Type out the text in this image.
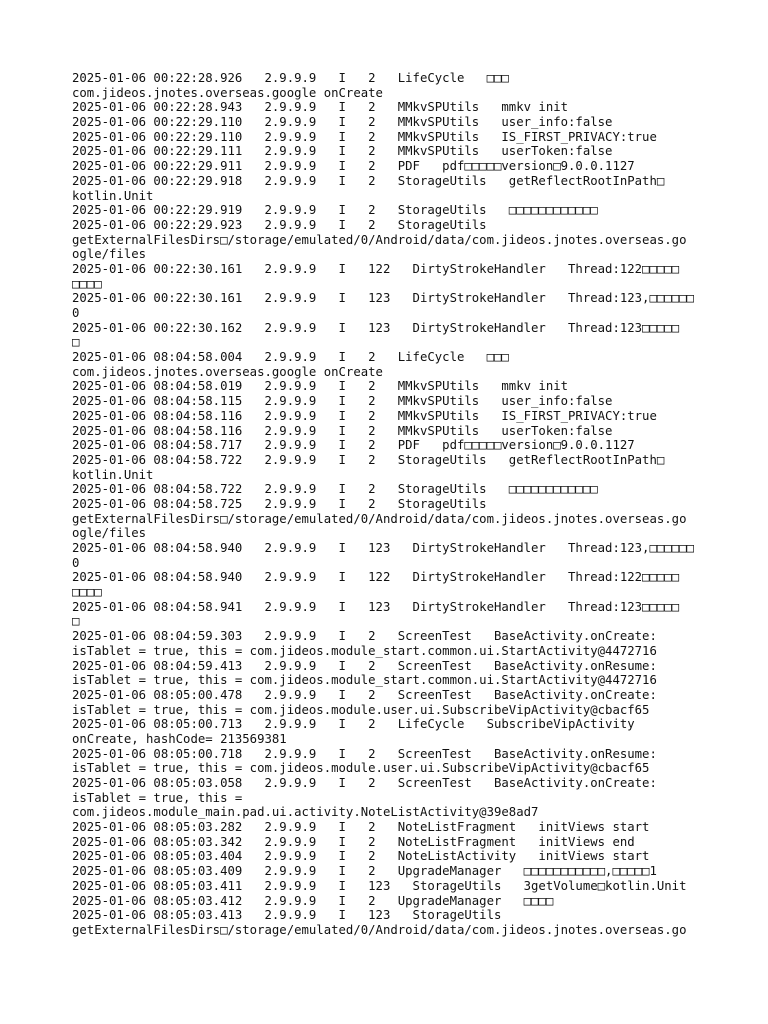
2025-01-06 00:22:28.926   2.9.9.9   I   2   LifeCycle   □□□
com.jideos.jnotes.overseas.google onCreate
2025-01-06 00:22:28.943   2.9.9.9   I   2   MMkvSPUtils   mmkv init
2025-01-06 00:22:29.110   2.9.9.9   I   2   MMkvSPUtils   user_info:false
2025-01-06 00:22:29.110   2.9.9.9   I   2   MMkvSPUtils   IS_FIRST_PRIVACY:true
2025-01-06 00:22:29.111   2.9.9.9   I   2   MMkvSPUtils   userToken:false
2025-01-06 00:22:29.911   2.9.9.9   I   2   PDF   pdf□□□□□version□9.0.0.1127
2025-01-06 00:22:29.918   2.9.9.9   I   2   StorageUtils   getReflectRootInPath□
kotlin.Unit
2025-01-06 00:22:29.919   2.9.9.9   I   2   StorageUtils   □□□□□□□□□□□□
2025-01-06 00:22:29.923   2.9.9.9   I   2   StorageUtils
getExternalFilesDirs□/storage/emulated/0/Android/data/com.jideos.jnotes.overseas.go
ogle/files
2025-01-06 00:22:30.161   2.9.9.9   I   122   DirtyStrokeHandler   Thread:122□□□□□
□□□□
2025-01-06 00:22:30.161   2.9.9.9   I   123   DirtyStrokeHandler   Thread:123,□□□□□□
0
2025-01-06 00:22:30.162   2.9.9.9   I   123   DirtyStrokeHandler   Thread:123□□□□□
□
2025-01-06 08:04:58.004   2.9.9.9   I   2   LifeCycle   □□□
com.jideos.jnotes.overseas.google onCreate
2025-01-06 08:04:58.019   2.9.9.9   I   2   MMkvSPUtils   mmkv init
2025-01-06 08:04:58.115   2.9.9.9   I   2   MMkvSPUtils   user_info:false
2025-01-06 08:04:58.116   2.9.9.9   I   2   MMkvSPUtils   IS_FIRST_PRIVACY:true
2025-01-06 08:04:58.116   2.9.9.9   I   2   MMkvSPUtils   userToken:false
2025-01-06 08:04:58.717   2.9.9.9   I   2   PDF   pdf□□□□□version□9.0.0.1127
2025-01-06 08:04:58.722   2.9.9.9   I   2   StorageUtils   getReflectRootInPath□
kotlin.Unit
2025-01-06 08:04:58.722   2.9.9.9   I   2   StorageUtils   □□□□□□□□□□□□
2025-01-06 08:04:58.725   2.9.9.9   I   2   StorageUtils
getExternalFilesDirs□/storage/emulated/0/Android/data/com.jideos.jnotes.overseas.go
ogle/files
2025-01-06 08:04:58.940   2.9.9.9   I   123   DirtyStrokeHandler   Thread:123,□□□□□□
0
2025-01-06 08:04:58.940   2.9.9.9   I   122   DirtyStrokeHandler   Thread:122□□□□□
□□□□
2025-01-06 08:04:58.941   2.9.9.9   I   123   DirtyStrokeHandler   Thread:123□□□□□
□
2025-01-06 08:04:59.303   2.9.9.9   I   2   ScreenTest   BaseActivity.onCreate:
isTablet = true, this = com.jideos.module_start.common.ui.StartActivity@4472716
2025-01-06 08:04:59.413   2.9.9.9   I   2   ScreenTest   BaseActivity.onResume:
isTablet = true, this = com.jideos.module_start.common.ui.StartActivity@4472716
2025-01-06 08:05:00.478   2.9.9.9   I   2   ScreenTest   BaseActivity.onCreate:
isTablet = true, this = com.jideos.module.user.ui.SubscribeVipActivity@cbacf65
2025-01-06 08:05:00.713   2.9.9.9   I   2   LifeCycle   SubscribeVipActivity
onCreate, hashCode= 213569381
2025-01-06 08:05:00.718   2.9.9.9   I   2   ScreenTest   BaseActivity.onResume:
isTablet = true, this = com.jideos.module.user.ui.SubscribeVipActivity@cbacf65
2025-01-06 08:05:03.058   2.9.9.9   I   2   ScreenTest   BaseActivity.onCreate:
isTablet = true, this =
com.jideos.module_main.pad.ui.activity.NoteListActivity@39e8ad7
2025-01-06 08:05:03.282   2.9.9.9   I   2   NoteListFragment   initViews start
2025-01-06 08:05:03.342   2.9.9.9   I   2   NoteListFragment   initViews end
2025-01-06 08:05:03.404   2.9.9.9   I   2   NoteListActivity   initViews start
2025-01-06 08:05:03.409   2.9.9.9   I   2   UpgradeManager   □□□□□□□□□□□,□□□□□1
2025-01-06 08:05:03.411   2.9.9.9   I   123   StorageUtils   3getVolume□kotlin.Unit
2025-01-06 08:05:03.412   2.9.9.9   I   2   UpgradeManager   □□□□
2025-01-06 08:05:03.413   2.9.9.9   I   123   StorageUtils
getExternalFilesDirs□/storage/emulated/0/Android/data/com.jideos.jnotes.overseas.go
